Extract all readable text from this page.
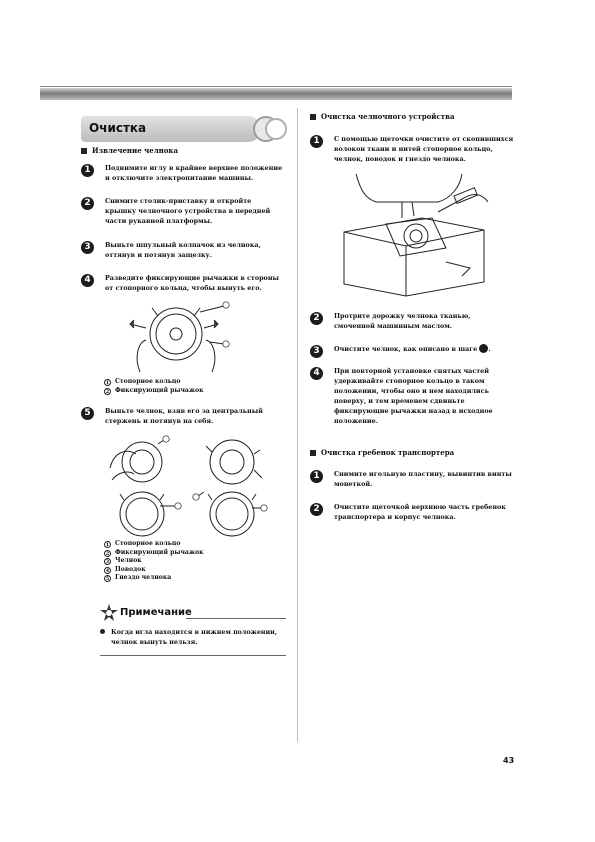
Очистка
Извлечение челнока
1	Поднимите иглу в крайнее верхнее положение
и отключите электропитание машины.
2	Снимите столик-приставку и откройте
крышку челночного устройства в передней
части рукавной платформы.
3	Выньте шпульный колпачок из челнока,
оттянув и потянув защелку.
4	Разведите фиксирующие рычажки в стороны
от стопорного кольца, чтобы вынуть его.
1 Стопорное кольцо
2 Фиксирующий рычажок
5	Выньте челнок, взяв его за центральный
стержень и потянув на себя.
1 Стопорное кольцо
2 Фиксирующий рычажок
3 Челнок
4 Поводок
5 Гнездо челнока
Примечание
Когда игла находится в нижнем положении,
челнок вынуть нельзя.
Очистка челночного устройства
1	С помощью щеточки очистите от скопившихся
волокон ткани и нитей стопорное кольцо,
челнок, поводок и гнездо челнока.
2	Протрите дорожку челнока тканью,
смоченной машинным маслом.
3	Очистите челнок, как описано в шаге .
4	При повторной установке снятых частей
удерживайте стопорное кольцо в таком
положении, чтобы оно и нем находились
поверху, и тем временем сдвиньте
фиксирующие рычажки назад в исходное
положение.
Очистка гребенок транспортера
1	Снимите игольную пластину, вывинтив винты
монеткой.
2	Очистите щеточкой верхнюю часть гребенок
транспортера и корпус челнока.
43
